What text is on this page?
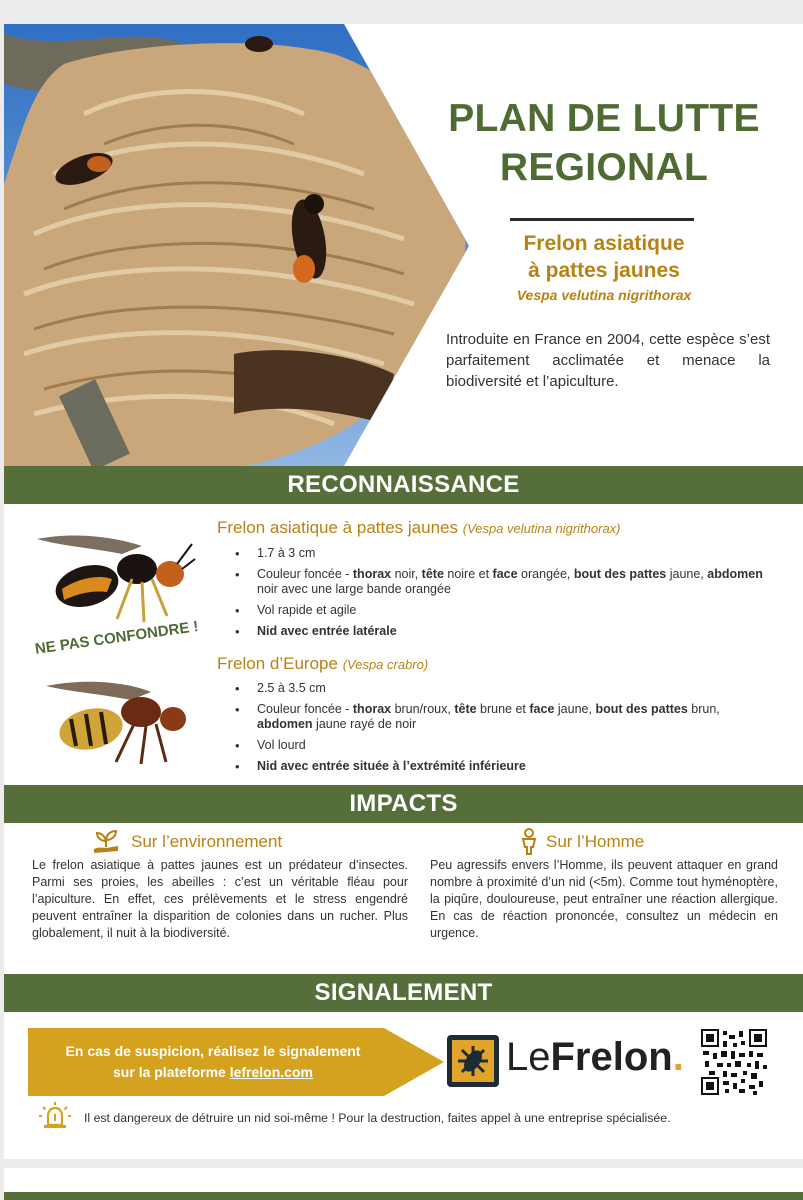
PLAN DE LUTTE
REGIONAL
Frelon asiatique
à pattes jaunes
Vespa velutina nigrithorax
Introduite en France en 2004, cette espèce s’est parfaitement acclimatée et menace la biodiversité et l’apiculture.
RECONNAISSANCE
Frelon asiatique à pattes jaunes (Vespa velutina nigrithorax)
• 1.7 à 3 cm
• Couleur foncée - thorax noir, tête noire et face orangée, bout des pattes jaune, abdomen noir avec une large bande orangée
• Vol rapide et agile
• Nid avec entrée latérale
NE PAS CONFONDRE !
Frelon d’Europe (Vespa crabro)
• 2.5 à 3.5 cm
• Couleur foncée - thorax brun/roux, tête brune et face jaune, bout des pattes brun, abdomen jaune rayé de noir
• Vol lourd
• Nid avec entrée située à l’extrémité inférieure
IMPACTS
Sur l’environnement
Le frelon asiatique à pattes jaunes est un prédateur d’insectes. Parmi ses proies, les abeilles : c’est un véritable fléau pour l’apiculture. En effet, ces prélèvements et le stress engendré peuvent entraîner la disparition de colonies dans un rucher. Plus globalement, il nuit à la biodiversité.
Sur l’Homme
Peu agressifs envers l’Homme, ils peuvent attaquer en grand nombre à proximité d’un nid (<5m). Comme tout hyménoptère, la piqûre, douloureuse, peut entraîner une réaction allergique. En cas de réaction prononcée, consultez un médecin en urgence.
SIGNALEMENT
En cas de suspicion, réalisez le signalement
sur la plateforme lefrelon.com	LeFrelon.
Il est dangereux de détruire un nid soi-même ! Pour la destruction, faites appel à une entreprise spécialisée.
